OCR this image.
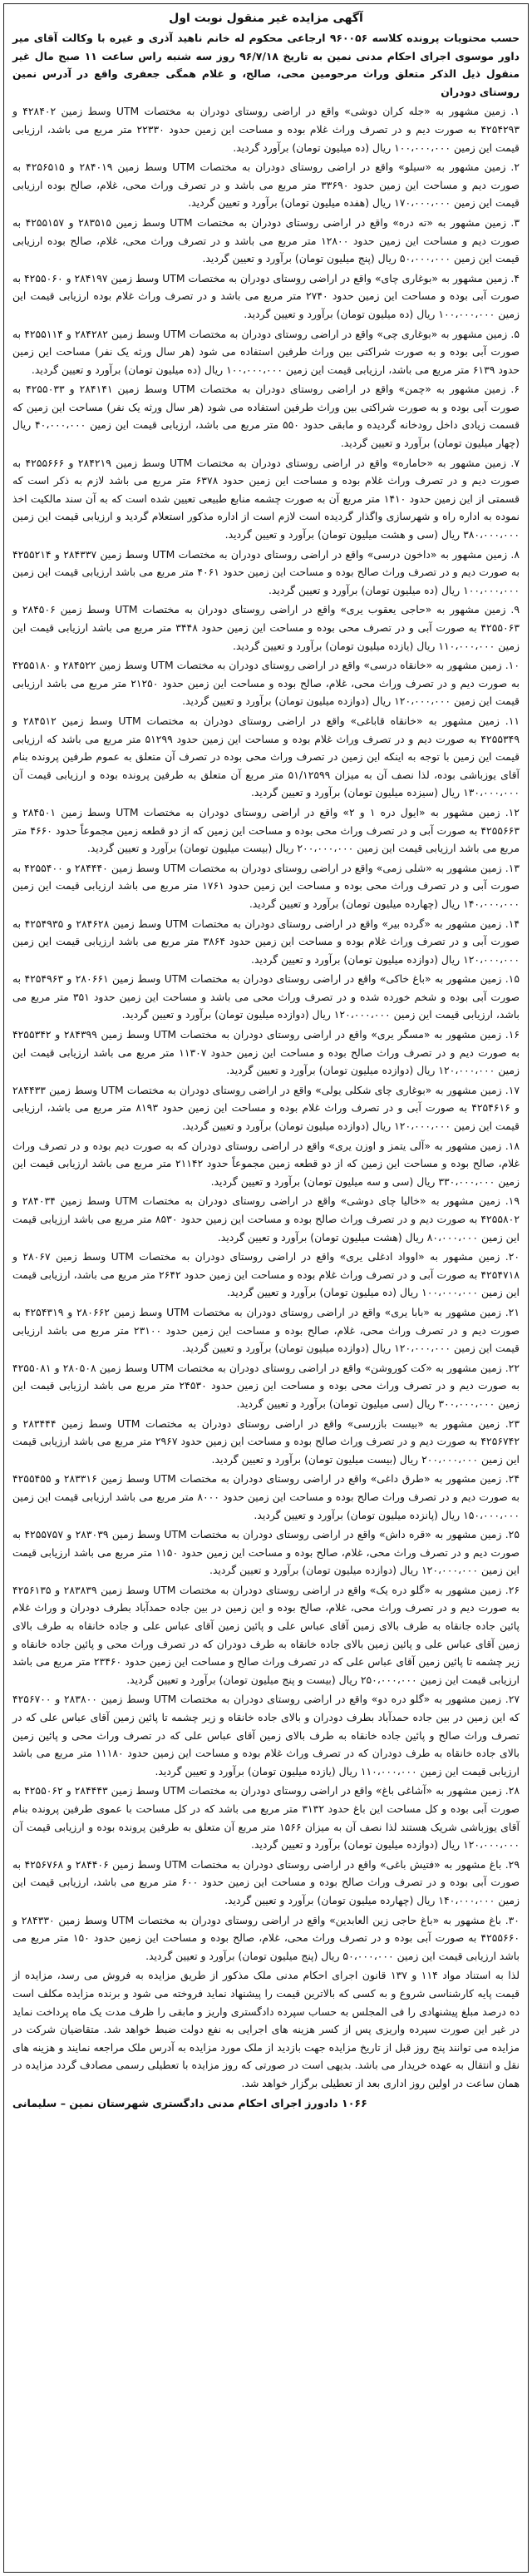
آگهی مزایده غیر منقول نوبت اول
حسب محتویات پرونده کلاسه ۹۶۰۰۵۶ ارجاعی محکوم له خانم ناهید آذری و غیره با وکالت آقای میر داور موسوی اجرای احکام مدنی نمین به تاریخ ۹۶/۷/۱۸ روز سه شنبه راس ساعت ۱۱ صبح مال غیر منقول ذیل الذکر متعلق وراث مرحومین محی، صالح، و غلام همگی جعفری واقع در آدرس نمین روستای دودران

۱. زمین مشهور به «جله کران دوشی» واقع در اراضی روستای دودران به مختصات UTM وسط زمین ۴۲۸۴۰۲ و ۴۲۵۴۲۹۳ به صورت دیم و در تصرف وراث غلام بوده و مساحت این زمین حدود ۲۲۳۳۰ متر مربع می باشد، ارزیابی قیمت این زمین ۱۰۰،۰۰۰،۰۰۰ ریال (ده میلیون تومان) برآورد گردید.

۲. زمین مشهور به «سیلو» واقع در اراضی روستای دودران به مختصات UTM وسط زمین ۲۸۴۰۱۹ و ۴۲۵۶۵۱۵ به صورت دیم و مساحت این زمین حدود ۳۳۶۹۰ متر مربع می باشد و در تصرف وراث محی، غلام، صالح بوده ارزیابی قیمت این زمین ۱۷۰،۰۰۰،۰۰۰ ریال (هفده میلیون تومان) برآورد و تعیین گردید.

۳. زمین مشهور به «ته دره» واقع در اراضی روستای دودران به مختصات UTM وسط زمین ۲۸۳۵۱۵ و ۴۲۵۵۱۵۷ به صورت دیم و مساحت این زمین حدود ۱۲۸۰۰ متر مربع می باشد و در تصرف وراث محی، غلام، صالح بوده ارزیابی قیمت این زمین ۵۰،۰۰۰،۰۰۰ ریال (پنج میلیون تومان) برآورد و تعیین گردید.

۴. زمین مشهور به «بوغاری چای» واقع در اراضی روستای دودران به مختصات UTM وسط زمین ۲۸۴۱۹۷ و ۴۲۵۵۰۶۰ به صورت آبی بوده و مساحت این زمین حدود ۲۷۴۰ متر مربع می باشد و در تصرف وراث غلام بوده ارزیابی قیمت این زمین ۱۰۰،۰۰۰،۰۰۰ ریال (ده میلیون تومان) برآورد و تعیین گردید.

۵. زمین مشهور به «بوغاری چی» واقع در اراضی روستای دودران به مختصات UTM وسط زمین ۲۸۴۲۸۲ و ۴۲۵۵۱۱۴ به صورت آبی بوده و به صورت شراکتی بین وراث طرفین استفاده می شود (هر سال ورثه یک نفر) مساحت این زمین حدود ۶۱۳۹ متر مربع می باشد، ارزیابی قیمت این زمین ۱۰۰،۰۰۰،۰۰۰ ریال (ده میلیون تومان) برآورد و تعیین گردید.

۶. زمین مشهور به «چمن» واقع در اراضی روستای دودران به مختصات UTM وسط زمین ۲۸۴۱۴۱ و ۴۲۵۵۰۳۳ به صورت آبی بوده و به صورت شراکتی بین وراث طرفین استفاده می شود (هر سال ورثه یک نفر) مساحت این زمین که قسمت زیادی داخل رودخانه گردیده و مابقی حدود ۵۵۰ متر مربع می باشد، ارزیابی قیمت این زمین ۴۰،۰۰۰،۰۰۰ ریال (چهار میلیون تومان) برآورد و تعیین گردید.

۷. زمین مشهور به «حاماره» واقع در اراضی روستای دودران به مختصات UTM وسط زمین ۲۸۴۲۱۹ و ۴۲۵۵۶۶۶ به صورت دیم و در تصرف وراث غلام بوده و مساحت این زمین حدود ۶۳۷۸ متر مربع می باشد لازم به ذکر است که قسمتی از این زمین حدود ۱۴۱۰ متر مربع آن به صورت چشمه منابع طبیعی تعیین شده است که به آن سند مالکیت اخذ نموده به اداره راه و شهرسازی واگذار گردیده است لازم است از اداره مذکور استعلام گردید و ارزیابی قیمت این زمین ۳۸۰،۰۰۰،۰۰۰ ریال (سی و هشت میلیون تومان) برآورد و تعیین گردید.

۸. زمین مشهور به «داخون درسی» واقع در اراضی روستای دودران به مختصات UTM وسط زمین ۲۸۴۳۳۷ و ۴۲۵۵۲۱۴ به صورت دیم و در تصرف وراث صالح بوده و مساحت این زمین حدود ۴۰۶۱ متر مربع می باشد ارزیابی قیمت این زمین ۱۰۰،۰۰۰،۰۰۰ ریال (ده میلیون تومان) برآورد و تعیین گردید.

۹. زمین مشهور به «حاجی یعقوب یری» واقع در اراضی روستای دودران به مختصات UTM وسط زمین ۲۸۴۵۰۶ و ۴۲۵۵۰۶۳ به صورت آبی و در تصرف محی بوده و مساحت این زمین حدود ۳۴۴۸ متر مربع می باشد ارزیابی قیمت این زمین ۱۱۰،۰۰۰،۰۰۰ ریال (یازده میلیون تومان) برآورد و تعیین گردید.

۱۰. زمین مشهور به «خانقاه درسی» واقع در اراضی روستای دودران به مختصات UTM وسط زمین ۲۸۴۵۲۲ و ۴۲۵۵۱۸۰ به صورت دیم و در تصرف وراث محی، غلام، صالح بوده و مساحت این زمین حدود ۲۱۲۵۰ متر مربع می باشد ارزیابی قیمت این زمین ۱۲۰،۰۰۰،۰۰۰ ریال (دوازده میلیون تومان) برآورد و تعیین گردید.

۱۱. زمین مشهور به «خانقاه قاباغی» واقع در اراضی روستای دودران به مختصات UTM وسط زمین ۲۸۴۵۱۲ و ۴۲۵۵۳۴۹ به صورت دیم و در تصرف وراث غلام بوده و مساحت این زمین حدود ۵۱۲۹۹ متر مربع می باشد که ارزیابی قیمت این زمین با توجه به اینکه این زمین در تصرف وراث محی بوده در تصرف آن متعلق به عموم طرفین پرونده بنام آقای یوزباشی بوده، لذا نصف آن به میزان ۵۱/۱۲۵۹۹ متر مربع آن متعلق به طرفین پرونده بوده و ارزیابی قیمت آن ۱۳۰،۰۰۰،۰۰۰ ریال (سیزده میلیون تومان) برآورد و تعیین گردید.

۱۲. زمین مشهور به «ایول دره ۱ و ۲» واقع در اراضی روستای دودران به مختصات UTM وسط زمین ۲۸۴۵۰۱ و ۴۲۵۵۶۶۳ به صورت آبی و در تصرف وراث محی بوده و مساحت این زمین که از دو قطعه زمین مجموعاً حدود ۴۶۶۰ متر مربع می باشد ارزیابی قیمت این زمین ۲۰۰،۰۰۰،۰۰۰ ریال (بیست میلیون تومان) برآورد و تعیین گردید.

۱۳. زمین مشهور به «شلی زمی» واقع در اراضی روستای دودران به مختصات UTM وسط زمین ۲۸۴۴۴۰ و ۴۲۵۵۴۰۰ به صورت آبی و در تصرف وراث محی بوده و مساحت این زمین حدود ۱۷۶۱ متر مربع می باشد ارزیابی قیمت این زمین ۱۴۰،۰۰۰،۰۰۰ ریال (چهارده میلیون تومان) برآورد و تعیین گردید.

۱۴. زمین مشهور به «گرده بیر» واقع در اراضی روستای دودران به مختصات UTM وسط زمین ۲۸۴۶۲۸ و ۴۲۵۴۹۳۵ به صورت آبی و در تصرف وراث غلام بوده و مساحت این زمین حدود ۳۸۶۴ متر مربع می باشد ارزیابی قیمت این زمین ۱۲۰،۰۰۰،۰۰۰ ریال (دوازده میلیون تومان) برآورد و تعیین گردید.

۱۵. زمین مشهور به «باغ خاکی» واقع در اراضی روستای دودران به مختصات UTM وسط زمین ۲۸۰۶۶۱ و ۴۲۵۴۹۶۳ به صورت آبی بوده و شخم خورده شده و در تصرف وراث محی می باشد و مساحت این زمین حدود ۳۵۱ متر مربع می باشد، ارزیابی قیمت این زمین ۱۲۰،۰۰۰،۰۰۰ ریال (دوازده میلیون تومان) برآورد و تعیین گردید.

۱۶. زمین مشهور به «مسگر یری» واقع در اراضی روستای دودران به مختصات UTM وسط زمین ۲۸۴۳۹۹ و ۴۲۵۵۳۴۲ به صورت دیم و در تصرف وراث صالح بوده و مساحت این زمین حدود ۱۱۳۰۷ متر مربع می باشد ارزیابی قیمت این زمین ۱۲۰،۰۰۰،۰۰۰ ریال (دوازده میلیون تومان) برآورد و تعیین گردید.

۱۷. زمین مشهور به «بوغاری چای شکلی یولی» واقع در اراضی روستای دودران به مختصات UTM وسط زمین ۲۸۴۴۳۳ و ۴۲۵۴۶۱۶ به صورت آبی و در تصرف وراث غلام بوده و مساحت این زمین حدود ۸۱۹۳ متر مربع می باشد، ارزیابی قیمت این زمین ۱۲۰،۰۰۰،۰۰۰ ریال (دوازده میلیون تومان) برآورد و تعیین گردید.

۱۸. زمین مشهور به «آلی یتمز و اوزن یری» واقع در اراضی روستای دودران که به صورت دیم بوده و در تصرف وراث غلام، صالح بوده و مساحت این زمین که از دو قطعه زمین مجموعاً حدود ۲۱۱۴۲ متر مربع می باشد ارزیابی قیمت این زمین ۳۳۰،۰۰۰،۰۰۰ ریال (سی و سه میلیون تومان) برآورد و تعیین گردید.

۱۹. زمین مشهور به «خالیا چای دوشی» واقع در اراضی روستای دودران به مختصات UTM وسط زمین ۲۸۴۰۳۴ و ۴۲۵۵۸۰۲ به صورت دیم و در تصرف وراث صالح بوده و مساحت این زمین حدود ۸۵۳۰ متر مربع می باشد ارزیابی قیمت این زمین ۸۰،۰۰۰،۰۰۰ ریال (هشت میلیون تومان) برآورد و تعیین گردید.

۲۰. زمین مشهور به «اوواد ادغلی یری» واقع در اراضی روستای دودران به مختصات UTM وسط زمین ۲۸۰۶۷ و ۴۲۵۴۷۱۸ به صورت آبی و در تصرف وراث غلام بوده و مساحت این زمین حدود ۲۶۴۲ متر مربع می باشد، ارزیابی قیمت این زمین ۱۰۰،۰۰۰،۰۰۰ ریال (ده میلیون تومان) برآورد و تعیین گردید.

۲۱. زمین مشهور به «بابا یری» واقع در اراضی روستای دودران به مختصات UTM وسط زمین ۲۸۰۶۶۲ و ۴۲۵۴۳۱۹ به صورت دیم و در تصرف وراث محی، غلام، صالح بوده و مساحت این زمین حدود ۲۳۱۰۰ متر مربع می باشد ارزیابی قیمت این زمین ۱۲۰،۰۰۰،۰۰۰ ریال (دوازده میلیون تومان) برآورد و تعیین گردید.

۲۲. زمین مشهور به «کت کوروشن» واقع در اراضی روستای دودران به مختصات UTM وسط زمین ۲۸۰۵۰۸ و ۴۲۵۵۰۸۱ به صورت دیم و در تصرف وراث محی بوده و مساحت این زمین حدود ۲۴۵۳۰ متر مربع می باشد ارزیابی قیمت این زمین ۳۰۰،۰۰۰،۰۰۰ ریال (سی میلیون تومان) برآورد و تعیین گردید.

۲۳. زمین مشهور به «بیست بازرسی» واقع در اراضی روستای دودران به مختصات UTM وسط زمین ۲۸۳۴۴۴ و ۴۲۵۶۷۴۲ به صورت دیم و در تصرف وراث صالح بوده و مساحت این زمین حدود ۲۹۶۷ متر مربع می باشد ارزیابی قیمت این زمین ۲۰۰،۰۰۰،۰۰۰ ریال (بیست میلیون تومان) برآورد و تعیین گردید.

۲۴. زمین مشهور به «طرق داغی» واقع در اراضی روستای دودران به مختصات UTM وسط زمین ۲۸۳۳۱۶ و ۴۲۵۵۴۵۵ به صورت دیم و در تصرف وراث صالح بوده و مساحت این زمین حدود ۸۰۰۰ متر مربع می باشد ارزیابی قیمت این زمین ۱۵۰،۰۰۰،۰۰۰ ریال (پانزده میلیون تومان) برآورد و تعیین گردید.

۲۵. زمین مشهور به «قره داش» واقع در اراضی روستای دودران به مختصات UTM وسط زمین ۲۸۳۰۳۹ و ۴۲۵۵۷۵۷ به صورت دیم و در تصرف وراث محی، غلام، صالح بوده و مساحت این زمین حدود ۱۱۵۰ متر مربع می باشد ارزیابی قیمت این زمین ۱۲۰،۰۰۰،۰۰۰ ریال (دوازده میلیون تومان) برآورد و تعیین گردید.

۲۶. زمین مشهور به «گلو دره یک» واقع در اراضی روستای دودران به مختصات UTM وسط زمین ۲۸۳۸۳۹ و ۴۲۵۶۱۳۵ به صورت دیم و در تصرف وراث محی، غلام، صالح بوده و این زمین در بین جاده حمدآباد بطرف دودران و وراث غلام پائین جاده جانقاه به طرف بالای زمین آقای عباس علی و پائین زمین آقای عباس علی و جاده خانقاه به طرف بالای زمین آقای عباس علی و پائین زمین بالای جاده خانقاه به طرف دودران که در تصرف وراث محی و پائین جاده خانقاه و زیر چشمه تا پائین زمین آقای عباس علی که در تصرف وراث صالح و مساحت این زمین حدود ۲۳۴۶۰ متر مربع می باشد ارزیابی قیمت این زمین ۲۵۰،۰۰۰،۰۰۰ ریال (بیست و پنج میلیون تومان) برآورد و تعیین گردید.

۲۷. زمین مشهور به «گلو دره دو» واقع در اراضی روستای دودران به مختصات UTM وسط زمین ۲۸۳۸۰۰ و ۴۲۵۶۷۰۰ که این زمین در بین جاده حمدآباد بطرف دودران و بالای جاده خانقاه و زیر چشمه تا پائین زمین آقای عباس علی که در تصرف وراث صالح و پائین جاده خانقاه به طرف بالای زمین آقای عباس علی که در تصرف وراث محی و پائین زمین بالای جاده خانقاه به طرف دودران که در تصرف وراث غلام بوده و مساحت این زمین حدود ۱۱۱۸۰ متر مربع می باشد ارزیابی قیمت این زمین ۱۱۰،۰۰۰،۰۰۰ ریال (یازده میلیون تومان) برآورد و تعیین گردید.

۲۸. زمین مشهور به «آشاغی باغ» واقع در اراضی روستای دودران به مختصات UTM وسط زمین ۲۸۴۴۴۳ و ۴۲۵۵۰۶۲ به صورت آبی بوده و کل مساحت این باغ حدود ۳۱۳۲ متر مربع می باشد که در کل مساحت با عموی طرفین پرونده بنام آقای یوزباشی شریک هستند لذا نصف آن به میزان ۱۵۶۶ متر مربع آن متعلق به طرفین پرونده بوده و ارزیابی قیمت آن ۱۲۰،۰۰۰،۰۰۰ ریال (دوازده میلیون تومان) برآورد و تعیین گردید.

۲۹. باغ مشهور به «فتیش باغی» واقع در اراضی روستای دودران به مختصات UTM وسط زمین ۲۸۴۴۰۶ و ۴۲۵۶۷۶۸ به صورت آبی بوده و در تصرف وراث صالح بوده و مساحت این زمین حدود ۶۰۰ متر مربع می باشد، ارزیابی قیمت این زمین ۱۴۰،۰۰۰،۰۰۰ ریال (چهارده میلیون تومان) برآورد و تعیین گردید.

۳۰. باغ مشهور به «باغ حاجی زین العابدین» واقع در اراضی روستای دودران به مختصات UTM وسط زمین ۲۸۴۳۳۰ و ۴۲۵۵۶۶۰ به صورت آبی بوده و در تصرف وراث محی، غلام، صالح بوده و مساحت این زمین حدود ۱۵۰ متر مربع می باشد ارزیابی قیمت این زمین ۵۰،۰۰۰،۰۰۰ ریال (پنج میلیون تومان) برآورد و تعیین گردید.

لذا به استناد مواد ۱۱۴ و ۱۳۷ قانون اجرای احکام مدنی ملک مذکور از طریق مزایده به فروش می رسد، مزایده از قیمت پایه کارشناسی شروع و به کسی که بالاترین قیمت را پیشنهاد نماید فروخته می شود و برنده مزایده مکلف است ده درصد مبلغ پیشنهادی را فی المجلس به حساب سپرده دادگستری واریز و مابقی را ظرف مدت یک ماه پرداخت نماید در غیر این صورت سپرده واریزی پس از کسر هزینه های اجرایی به نفع دولت ضبط خواهد شد. متقاضیان شرکت در مزایده می توانند پنج روز قبل از تاریخ مزایده جهت بازدید از ملک مورد مزایده به آدرس ملک مراجعه نمایند و هزینه های نقل و انتقال به عهده خریدار می باشد. بدیهی است در صورتی که روز مزایده با تعطیلی رسمی مصادف گردد مزایده در همان ساعت در اولین روز اداری بعد از تعطیلی برگزار خواهد شد.
۱۰۶۶ دادورز اجرای احکام مدنی دادگستری شهرستان نمین – سلیمانی
